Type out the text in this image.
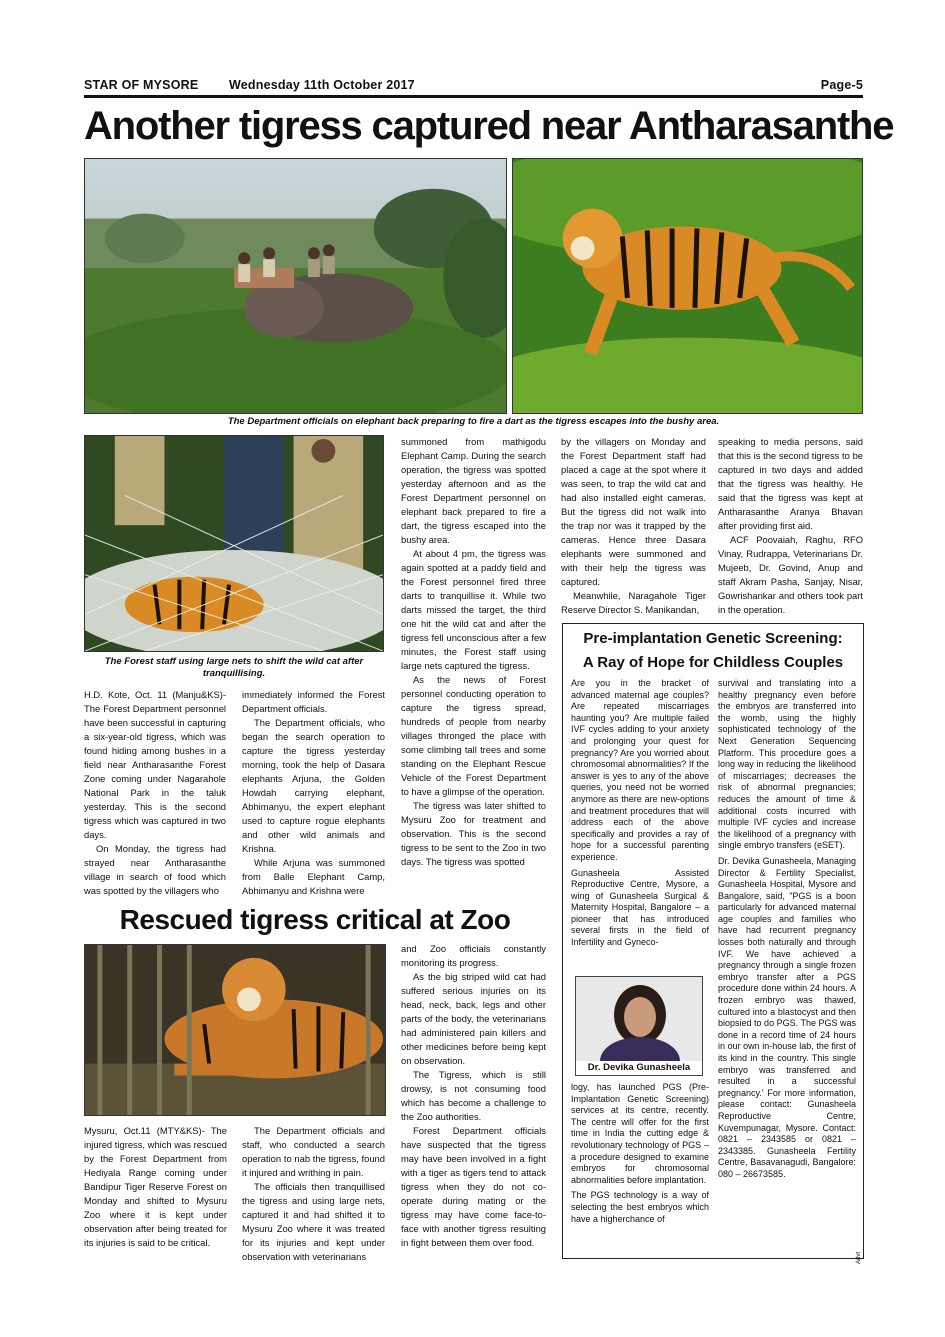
STAR OF MYSORE Wednesday 11th October 2017	Page-5
Another tigress captured near Antharasanthe
The Department officials on elephant back preparing to fire a dart as the tigress escapes into the bushy area.
The Forest staff using large nets to shift the wild cat after tranquillising.

H.D. Kote, Oct. 11 (Manju&KS)- The Forest Department personnel have been successful in capturing a six-year-old tigress, which was found hiding among bushes in a field near Antharasanthe Forest Zone coming under Nagarahole National Park in the taluk yesterday. This is the second tigress which was captured in two days.

On Monday, the tigress had strayed near Antharasanthe village in search of food which was spotted by the villagers who

immediately informed the Forest Department officials.

The Department officials, who began the search operation to capture the tigress yesterday morning, took the help of Dasara elephants Arjuna, the Golden Howdah carrying elephant, Abhimanyu, the expert elephant used to capture rogue elephants and other wild animals and Krishna.

While Arjuna was summoned from Balle Elephant Camp, Abhimanyu and Krishna were

summoned from mathigodu Elephant Camp. During the search operation, the tigress was spotted yesterday afternoon and as the Forest Department personnel on elephant back prepared to fire a dart, the tigress escaped into the bushy area.

At about 4 pm, the tigress was again spotted at a paddy field and the Forest personnel fired three darts to tranquillise it. While two darts missed the target, the third one hit the wild cat and after the tigress fell unconscious after a few minutes, the Forest staff using large nets captured the tigress.

As the news of Forest personnel conducting operation to capture the tigress spread, hundreds of people from nearby villages thronged the place with some climbing tall trees and some standing on the Elephant Rescue Vehicle of the Forest Department to have a glimpse of the operation.

The tigress was later shifted to Mysuru Zoo for treatment and observation. This is the second tigress to be sent to the Zoo in two days. The tigress was spotted

by the villagers on Monday and the Forest Department staff had placed a cage at the spot where it was seen, to trap the wild cat and had also installed eight cameras. But the tigress did not walk into the trap nor was it trapped by the cameras. Hence three Dasara elephants were summoned and with their help the tigress was captured.

Meanwhile, Naragahole Tiger Reserve Director S. Manikandan,

speaking to media persons, said that this is the second tigress to be captured in two days and added that the tigress was healthy. He said that the tigress was kept at Antharasanthe Aranya Bhavan after providing first aid.

ACF Poovaiah, Raghu, RFO Vinay, Rudrappa, Veterinarians Dr. Mujeeb, Dr. Govind, Anup and staff Akram Pasha, Sanjay, Nisar, Gowrishankar and others took part in the operation.

Rescued tigress critical at Zoo

Mysuru, Oct.11 (MTY&KS)- The injured tigress, which was rescued by the Forest Department from Hediyala Range coming under Bandipur Tiger Reserve Forest on Monday and shifted to Mysuru Zoo where it is kept under observation after being treated for its injuries is said to be critical.

The Department officials and staff, who conducted a search operation to nab the tigress, found it injured and writhing in pain.

The officials then tranquillised the tigress and using large nets, captured it and had shifted it to Mysuru Zoo where it was treated for its injuries and kept under observation with veterinarians

and Zoo officials constantly monitoring its progress.

As the big striped wild cat had suffered serious injuries on its head, neck, back, legs and other parts of the body, the veterinarians had administered pain killers and other medicines before being kept on observation.

The Tigress, which is still drowsy, is not consuming food which has become a challenge to the Zoo authorities.

Forest Department officials have suspected that the tigress may have been involved in a fight with a tiger as tigers tend to attack tigress when they do not co-operate during mating or the tigress may have come face-to-face with another tigress resulting in fight between them over food.

Pre-implantation Genetic Screening:
A Ray of Hope for Childless Couples

Are you in the bracket of advanced maternal age couples? Are repeated miscarriages haunting you? Are multiple failed IVF cycles adding to your anxiety and prolonging your quest for pregnancy? Are you worried about chromosomal abnormalities? If the answer is yes to any of the above queries, you need not be worried anymore as there are new-options and treatment procedures that will address each of the above specifically and provides a ray of hope for a successful parenting experience.

Gunasheela Assisted Reproductive Centre, Mysore, a wing of Gunasheela Surgical & Maternity Hospital, Bangalore – a pioneer that has introduced several firsts in the field of Infertility and Gyneco-

Dr. Devika Gunasheela

logy, has launched PGS (Pre-Implantation Genetic Screening) services at its centre, recently. The centre will offer for the first time in India the cutting edge & revolutionary technology of PGS – a procedure designed to examine embryos for chromosomal abnormalities before implantation.

The PGS technology is a way of selecting the best embryos which have a higherchance of

survival and translating into a healthy pregnancy even before the embryos are transferred into the womb, using the highly sophisticated technology of the Next Generation Sequencing Platform. This procedure goes a long way in reducing the likelihood of miscarriages; decreases the risk of abnormal pregnancies; reduces the amount of time & additional costs incurred with multiple IVF cycles and increase the likelihood of a pregnancy with single embryo transfers (eSET).

Dr. Devika Gunasheela, Managing Director & Fertility Specialist, Gunasheela Hospital, Mysore and Bangalore, said, "PGS is a boon particularly for advanced maternal age couples and families who have had recurrent pregnancy losses both naturally and through IVF. We have achieved a pregnancy through a single frozen embryo transfer after a PGS procedure done within 24 hours. A frozen embryo was thawed, cultured into a blastocyst and then biopsied to do PGS. The PGS was done in a record time of 24 hours in our own in-house lab, the first of its kind in the country. This single embryo was transferred and resulted in a successful pregnancy.' For more information, please contact: Gunasheela Reproductive Centre, Kuvempunagar, Mysore. Contact: 0821 – 2343585 or 0821 – 2343385. Gunasheela Fertility Centre, Basavanagudi, Bangalore: 080 – 26673585.

Advt
